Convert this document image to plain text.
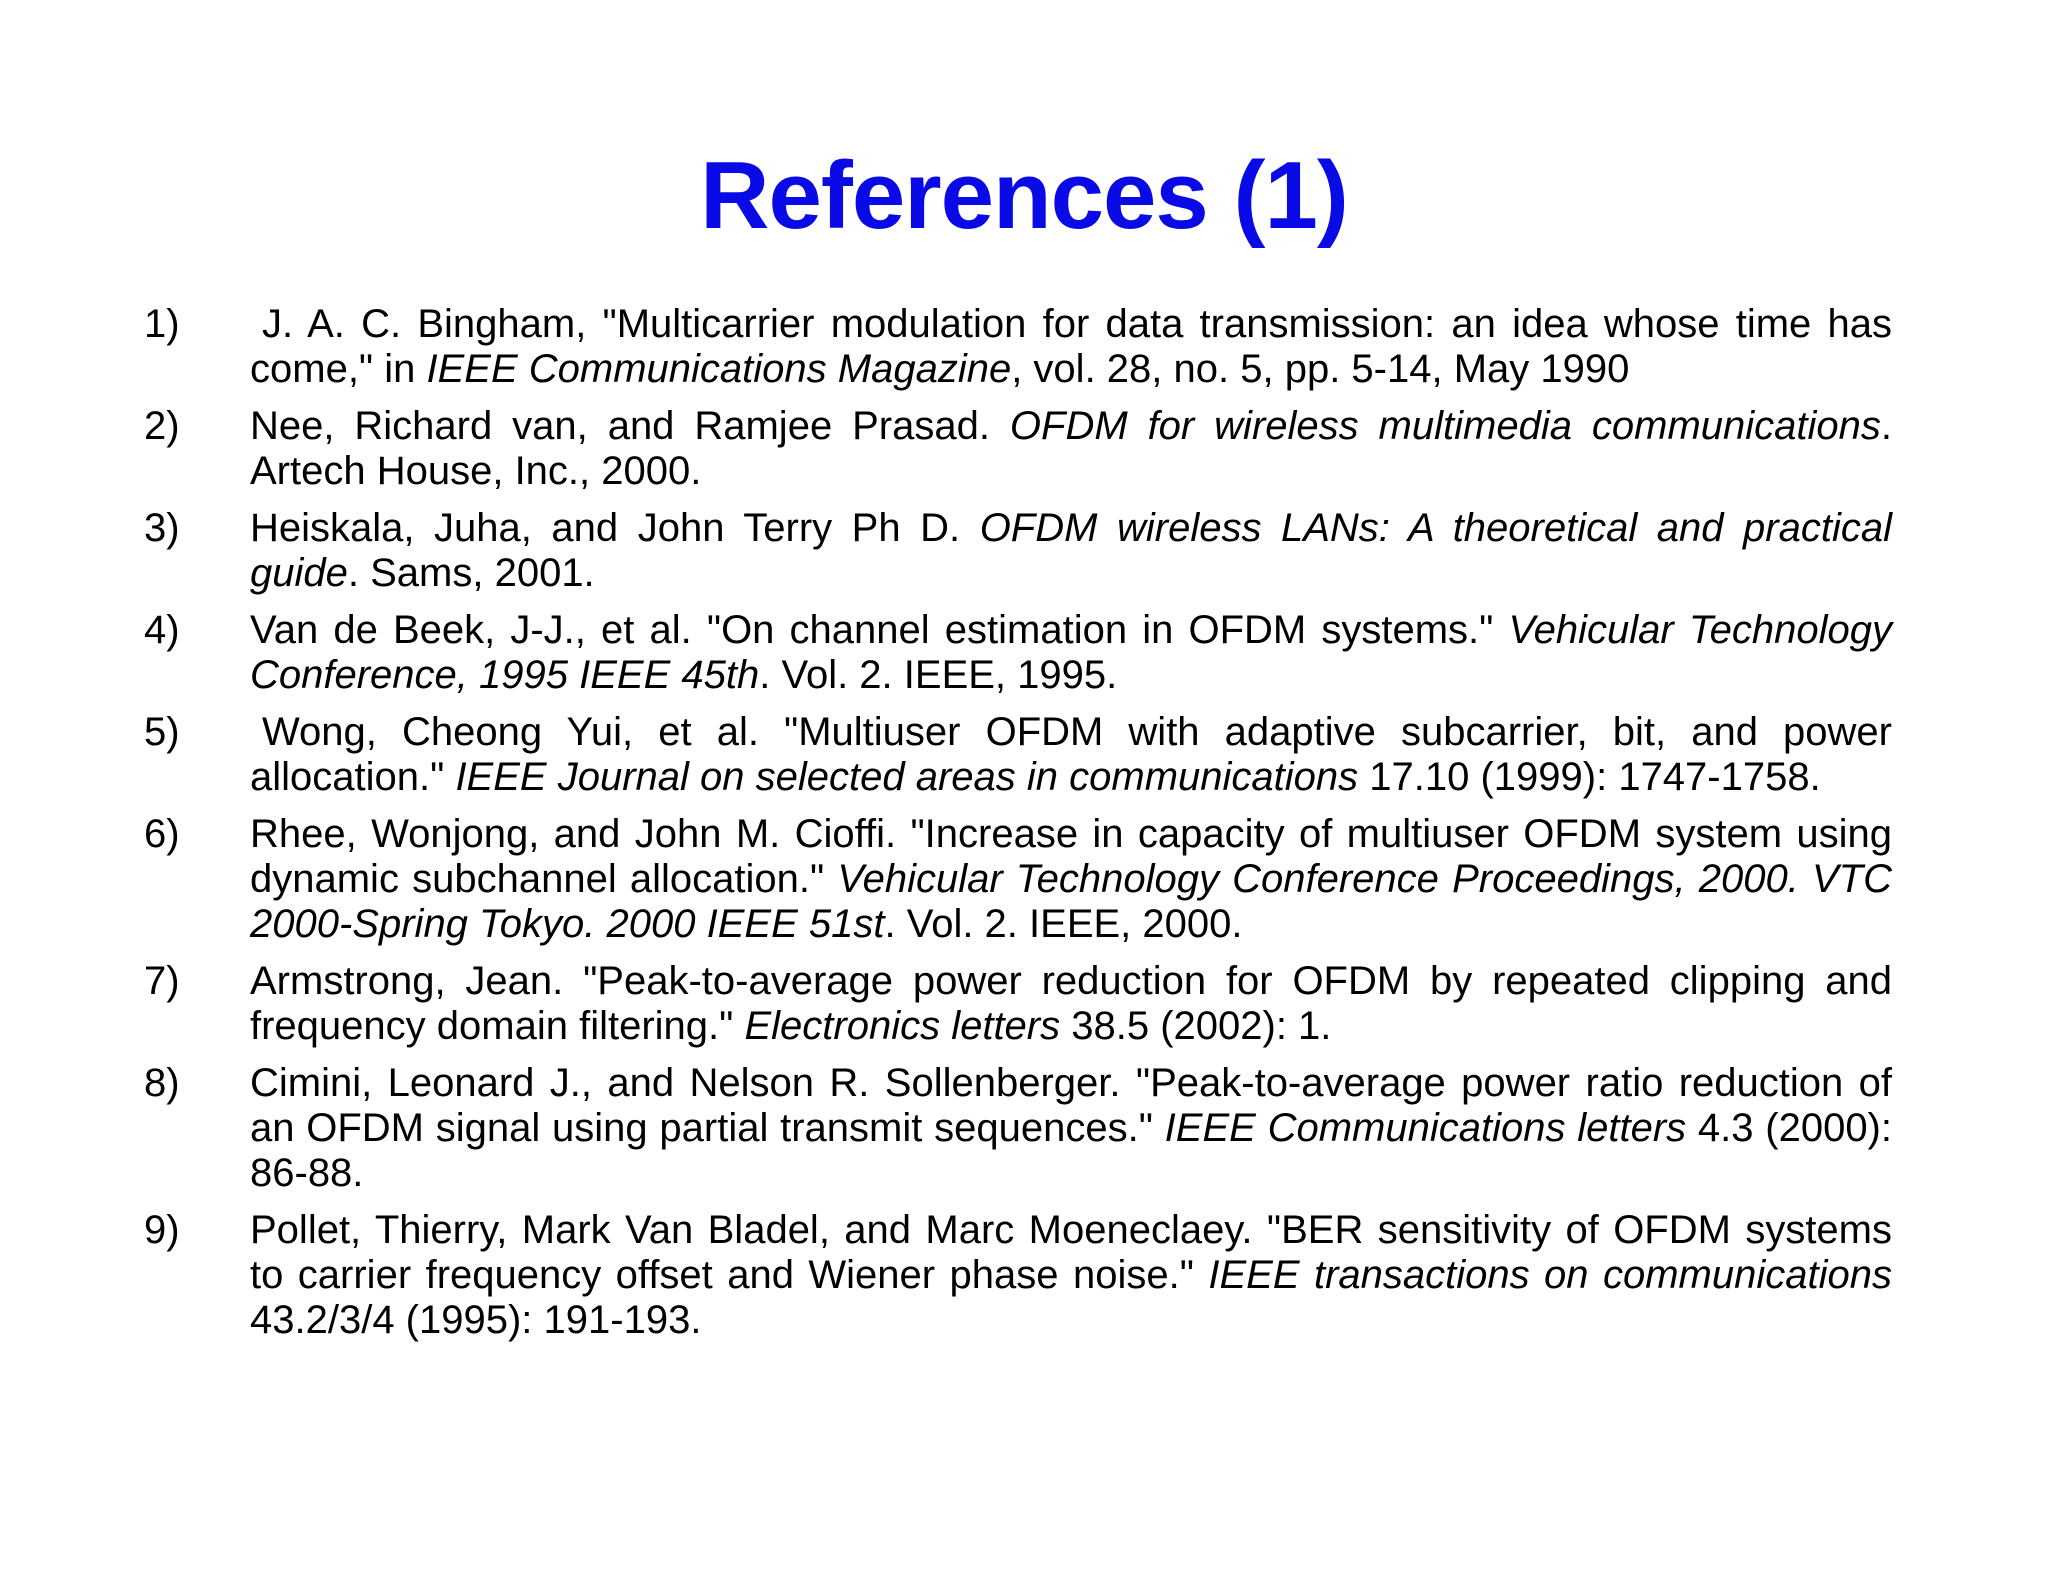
References (1)
1)	J. A. C. Bingham, "Multicarrier modulation for data transmission: an idea whose time has come," in IEEE Communications Magazine, vol. 28, no. 5, pp. 5-14, May 1990
2)	Nee, Richard van, and Ramjee Prasad. OFDM for wireless multimedia communications. Artech House, Inc., 2000.
3)	Heiskala, Juha, and John Terry Ph D. OFDM wireless LANs: A theoretical and practical guide. Sams, 2001.
4)	Van de Beek, J-J., et al. "On channel estimation in OFDM systems." Vehicular Technology Conference, 1995 IEEE 45th. Vol. 2. IEEE, 1995.
5)	Wong, Cheong Yui, et al. "Multiuser OFDM with adaptive subcarrier, bit, and power allocation." IEEE Journal on selected areas in communications 17.10 (1999): 1747-1758.
6)	Rhee, Wonjong, and John M. Cioffi. "Increase in capacity of multiuser OFDM system using dynamic subchannel allocation." Vehicular Technology Conference Proceedings, 2000. VTC 2000-Spring Tokyo. 2000 IEEE 51st. Vol. 2. IEEE, 2000.
7)	Armstrong, Jean. "Peak-to-average power reduction for OFDM by repeated clipping and frequency domain filtering." Electronics letters 38.5 (2002): 1.
8)	Cimini, Leonard J., and Nelson R. Sollenberger. "Peak-to-average power ratio reduction of an OFDM signal using partial transmit sequences." IEEE Communications letters 4.3 (2000): 86-88.
9)	Pollet, Thierry, Mark Van Bladel, and Marc Moeneclaey. "BER sensitivity of OFDM systems to carrier frequency offset and Wiener phase noise." IEEE transactions on communications 43.2/3/4 (1995): 191-193.
